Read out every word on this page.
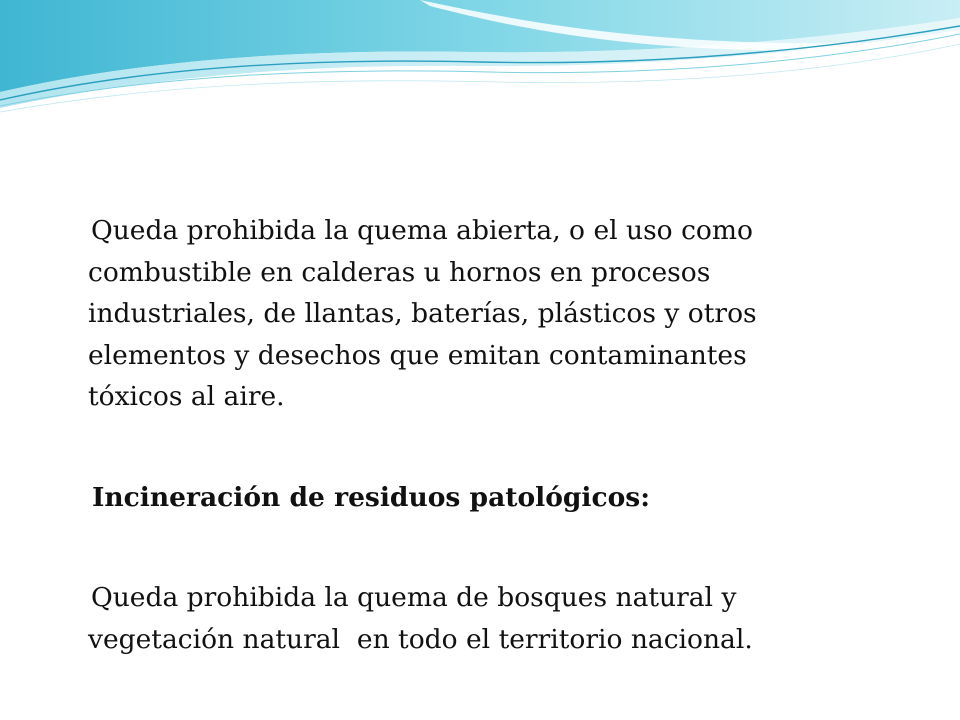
Queda prohibida la quema abierta, o el uso como
combustible en calderas u hornos en procesos
industriales, de llantas, baterías, plásticos y otros
elementos y desechos que emitan contaminantes
tóxicos al aire.
Incineración de residuos patológicos:
Queda prohibida la quema de bosques natural y
vegetación natural  en todo el territorio nacional.
